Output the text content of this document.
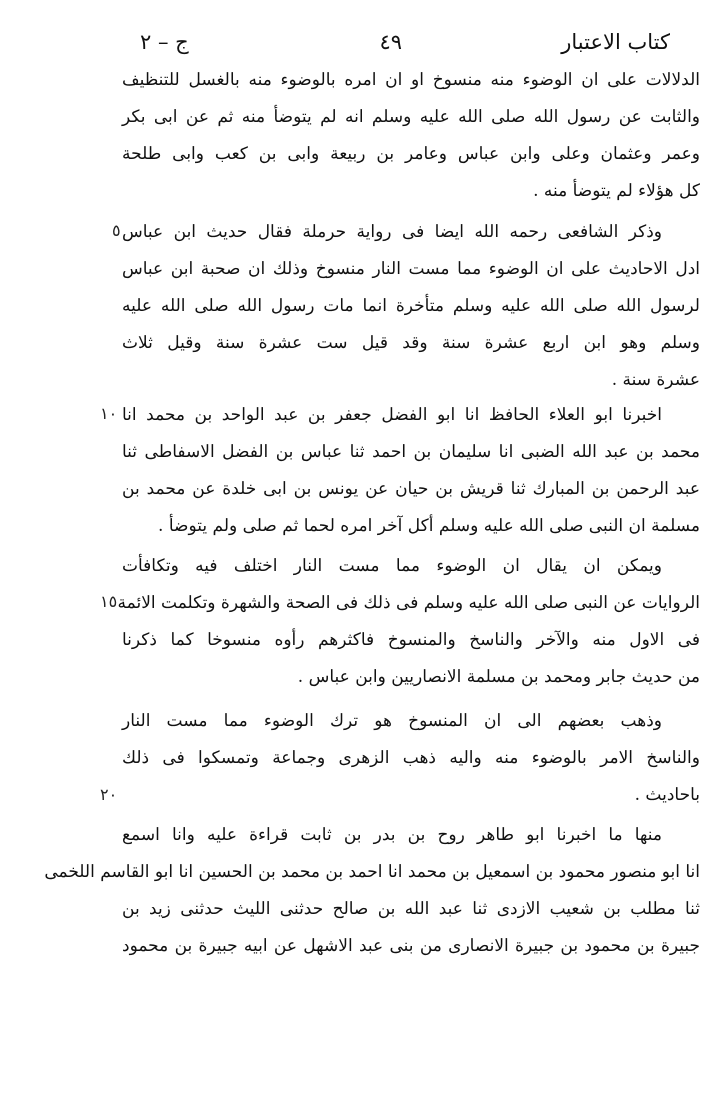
كتاب الاعتبار
٤٩
ج – ٢
الدلالات على ان الوضوء منه منسوخ او ان امره بالوضوء منه بالغسل للتنظيف
والثابت عن رسول الله صلى الله عليه وسلم انه لم يتوضأ منه ثم عن ابى بكر
وعمر وعثمان وعلى وابن عباس وعامر بن ربيعة وابى بن كعب وابى طلحة
كل هؤلاء لم يتوضأ منه .
وذكر الشافعى رحمه الله ايضا فى رواية حرملة فقال حديث ابن عباس
ادل الاحاديث على ان الوضوء مما مست النار منسوخ وذلك ان صحبة ابن عباس
لرسول الله صلى الله عليه وسلم متأخرة انما مات رسول الله صلى الله عليه
وسلم وهو ابن اربع عشرة سنة وقد قيل ست عشرة سنة وقيل ثلاث
عشرة سنة .
اخبرنا ابو العلاء الحافظ انا ابو الفضل جعفر بن عبد الواحد بن محمد انا
محمد بن عبد الله الضبى انا سليمان بن احمد ثنا عباس بن الفضل الاسفاطى ثنا
عبد الرحمن بن المبارك ثنا قريش بن حيان عن يونس بن ابى خلدة عن محمد بن
مسلمة ان النبى صلى الله عليه وسلم أكل آخر امره لحما ثم صلى ولم يتوضأ .
ويمكن ان يقال ان الوضوء مما مست النار اختلف فيه وتكافأت
الروايات عن النبى صلى الله عليه وسلم فى ذلك فى الصحة والشهرة وتكلمت الائمة
فى الاول منه والآخر والناسخ والمنسوخ فاكثرهم رأوه منسوخا كما ذكرنا
من حديث جابر ومحمد بن مسلمة الانصاريين وابن عباس .
وذهب بعضهم الى ان المنسوخ هو ترك الوضوء مما مست النار
والناسخ الامر بالوضوء منه واليه ذهب الزهرى وجماعة وتمسكوا فى ذلك
باحاديث .
منها ما اخبرنا ابو طاهر روح بن بدر بن ثابت قراءة عليه وانا اسمع
انا ابو منصور محمود بن اسمعيل بن محمد انا احمد بن محمد بن الحسين انا ابو القاسم اللخمى
ثنا مطلب بن شعيب الازدى ثنا عبد الله بن صالح حدثنى الليث حدثنى زيد بن
جبيرة بن محمود بن جبيرة الانصارى من بنى عبد الاشهل عن ابيه جبيرة بن محمود
٥
١٠
١٥
٢٠
